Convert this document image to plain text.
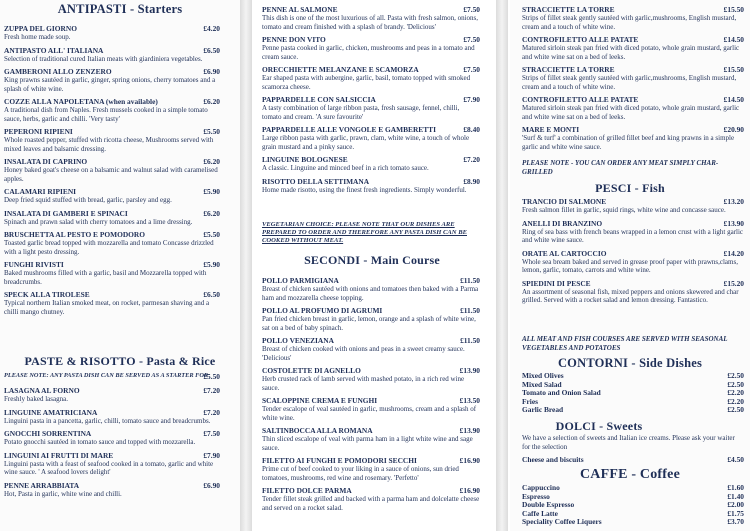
ANTIPASTI - Starters
ZUPPA DEL GIORNO	£4.20
Fresh home made soup.
ANTIPASTO ALL' ITALIANA	£6.50
Selection of traditional cured Italian meats with giardiniera vegetables.
GAMBERONI ALLO ZENZERO	£6.90
King prawns sautéed in garlic, ginger, spring onions, cherry tomatoes and a splash of white wine.
COZZE ALLA NAPOLETANA (when available)	£6.20
A traditional dish from Naples. Fresh mussels cooked in a simple tomato sauce, herbs, garlic and chilli. 'Very tasty'
PEPERONI RIPIENI	£5.50
Whole roasted pepper, stuffed with ricotta cheese, Mushrooms served with mixed leaves and balsamic dressing.
INSALATA DI CAPRINO	£6.20
Honey baked goat's cheese on a balsamic and walnut salad with caramelised apples.
CALAMARI RIPIENI	£5.90
Deep fried squid stuffed with bread, garlic, parsley and egg.
INSALATA DI GAMBERI E SPINACI	£6.20
Spinach and prawn salad with cherry tomatoes and a lime dressing.
BRUSCHETTA AL PESTO E POMODORO	£5.50
Toasted garlic bread topped with mozzarella and tomato Concasse drizzled with a light pesto dressing.
FUNGHI RIVISTI	£5.90
Baked mushrooms filled with a garlic, basil and Mozzarella topped with breadcrumbs.
SPECK ALLA TIROLESE	£6.50
Typical northern Italian smoked meat, on rocket, parmesan shaving and a chilli mango chutney.
PASTE & RISOTTO - Pasta & Rice
PLEASE NOTE: ANY PASTA DISH CAN BE SERVED AS A STARTER FOR
£5.50
LASAGNA AL FORNO	£7.20
Freshly baked lasagna.
LINGUINE AMATRICIANA	£7.20
Linguini pasta in a pancetta, garlic, chilli, tomato sauce and breadcrumbs.
GNOCCHI SORRENTINA	£7.50
Potato gnocchi sautéed in tomato sauce and topped with mozzarella.
LINGUINI AI FRUTTI DI MARE	£7.90
Linguini pasta with a feast of seafood cooked in a tomato, garlic and white wine sauce. ' A seafood lovers delight'
PENNE ARRABBIATA	£6.90
Hot, Pasta in garlic, white wine and chilli.
PENNE AL SALMONE	£7.50
This dish is one of the most luxurious of all. Pasta with fresh salmon, onions, tomato and cream finished with a splash of brandy. 'Delicious'
PENNE DON VITO	£7.50
Penne pasta cooked in garlic, chicken, mushrooms and peas in a tomato and cream sauce.
ORECCHIETTE MELANZANE E SCAMORZA	£7.50
Ear shaped pasta with aubergine, garlic, basil, tomato topped with smoked scamorza cheese.
PAPPARDELLE CON SALSICCIA	£7.90
A tasty combination of large ribbon pasta, fresh sausage, fennel, chilli, tomato and cream. 'A sure favourite'
PAPPARDELLE ALLE VONGOLE E GAMBERETTI	£8.40
Large ribbon pasta with garlic, prawn, clam, white wine, a touch of whole grain mustard and a pinky sauce.
LINGUINE BOLOGNESE	£7.20
A classic. Linguine and minced beef in a rich tomato sauce.
RISOTTO DELLA SETTIMANA	£8.90
Home made risotto, using the finest fresh ingredients. Simply wonderful.
VEGETARIAN CHOICE: PLEASE NOTE THAT OUR DISHES ARE PREPARED TO ORDER AND THEREFORE ANY PASTA DISH CAN BE COOKED WITHOUT MEAT.
SECONDI - Main Course
POLLO PARMIGIANA	£11.50
Breast of chicken sautéed with onions and tomatoes then baked with a Parma ham and mozzarella cheese topping.
POLLO AL PROFUMO DI AGRUMI	£11.50
Pan fried chicken breast in garlic, lemon, orange and a splash of white wine, sat on a bed of baby spinach.
POLLO VENEZIANA	£11.50
Breast of chicken cooked with onions and peas in a sweet creamy sauce. 'Delicious'
COSTOLETTE DI AGNELLO	£13.90
Herb crusted rack of lamb served with mashed potato, in a rich red wine sauce.
SCALOPPINE CREMA E FUNGHI	£13.50
Tender escalope of veal sautéed in garlic, mushrooms, cream and a splash of white wine.
SALTINBOCCA ALLA ROMANA	£13.90
Thin sliced escalope of veal with parma ham in a light white wine and sage sauce.
FILETTO AI FUNGHI E POMODORI SECCHI	£16.90
Prime cut of beef cooked to your liking in a sauce of onions, sun dried tomatoes, mushrooms, red wine and rosemary. 'Perfetto'
FILETTO DOLCE PARMA	£16.90
Tender fillet steak grilled and backed with a parma ham and dolcelatte cheese and served on a rocket salad.
STRACCIETTE LA TORRE	£15.50
Strips of fillet steak gently sautéed with garlic,mushrooms, English mustard, cream and a touch of white wine.
CONTROFILETTO ALLE PATATE	£14.50
Matured sirloin steak pan fried with diced potato, whole grain mustard, garlic and white wine sat on a bed of leeks.
STRACCIETTE LA TORRE	£15.50
Strips of fillet steak gently sautéed with garlic,mushrooms, English mustard, cream and a touch of white wine.
CONTROFILETTO ALLE PATATE	£14.50
Matured sirloin steak pan fried with diced potato, whole grain mustard, garlic and white wine sat on a bed of leeks.
MARE E MONTI	£20.90
'Surf & turf' a combination of grilled fillet beef and king prawns in a simple garlic and white wine sauce.
PLEASE NOTE - YOU CAN ORDER ANY MEAT SIMPLY CHAR-GRILLED
PESCI - Fish
TRANCIO DI SALMONE	£13.20
Fresh salmon fillet in garlic, squid rings, white wine and concasse sauce.
ANELLI DI BRANZINO	£13.90
Ring of sea bass with french beans wrapped in a lemon crust with a light garlic and white wine sauce.
ORATE AL CARTOCCIO	£14.20
Whole sea bream baked and served in grease proof paper with prawns,clams, lemon, garlic, tomato, carrots and white wine.
SPIEDINI DI PESCE	£15.20
An assortment of seasonal fish, mixed peppers and onions skewered and char grilled. Served with a rocket salad and lemon dressing. Fantastico.
ALL MEAT AND FISH COURSES ARE SERVED WITH SEASONAL VEGETABLES AND POTATOES
CONTORNI - Side Dishes
Mixed Olives	£2.50
Mixed Salad	£2.50
Tomato and Onion Salad	£2.20
Fries	£2.20
Garlic Bread	£2.50
DOLCI - Sweets
We have a selection of sweets and Italian ice creams. Please ask your waiter for the selection
Cheese and biscuits	£4.50
CAFFE - Coffee
Cappuccino	£1.60
Espresso	£1.40
Double Espresso	£2.00
Caffe Latte	£1.75
Speciality Coffee Liquers	£3.70
